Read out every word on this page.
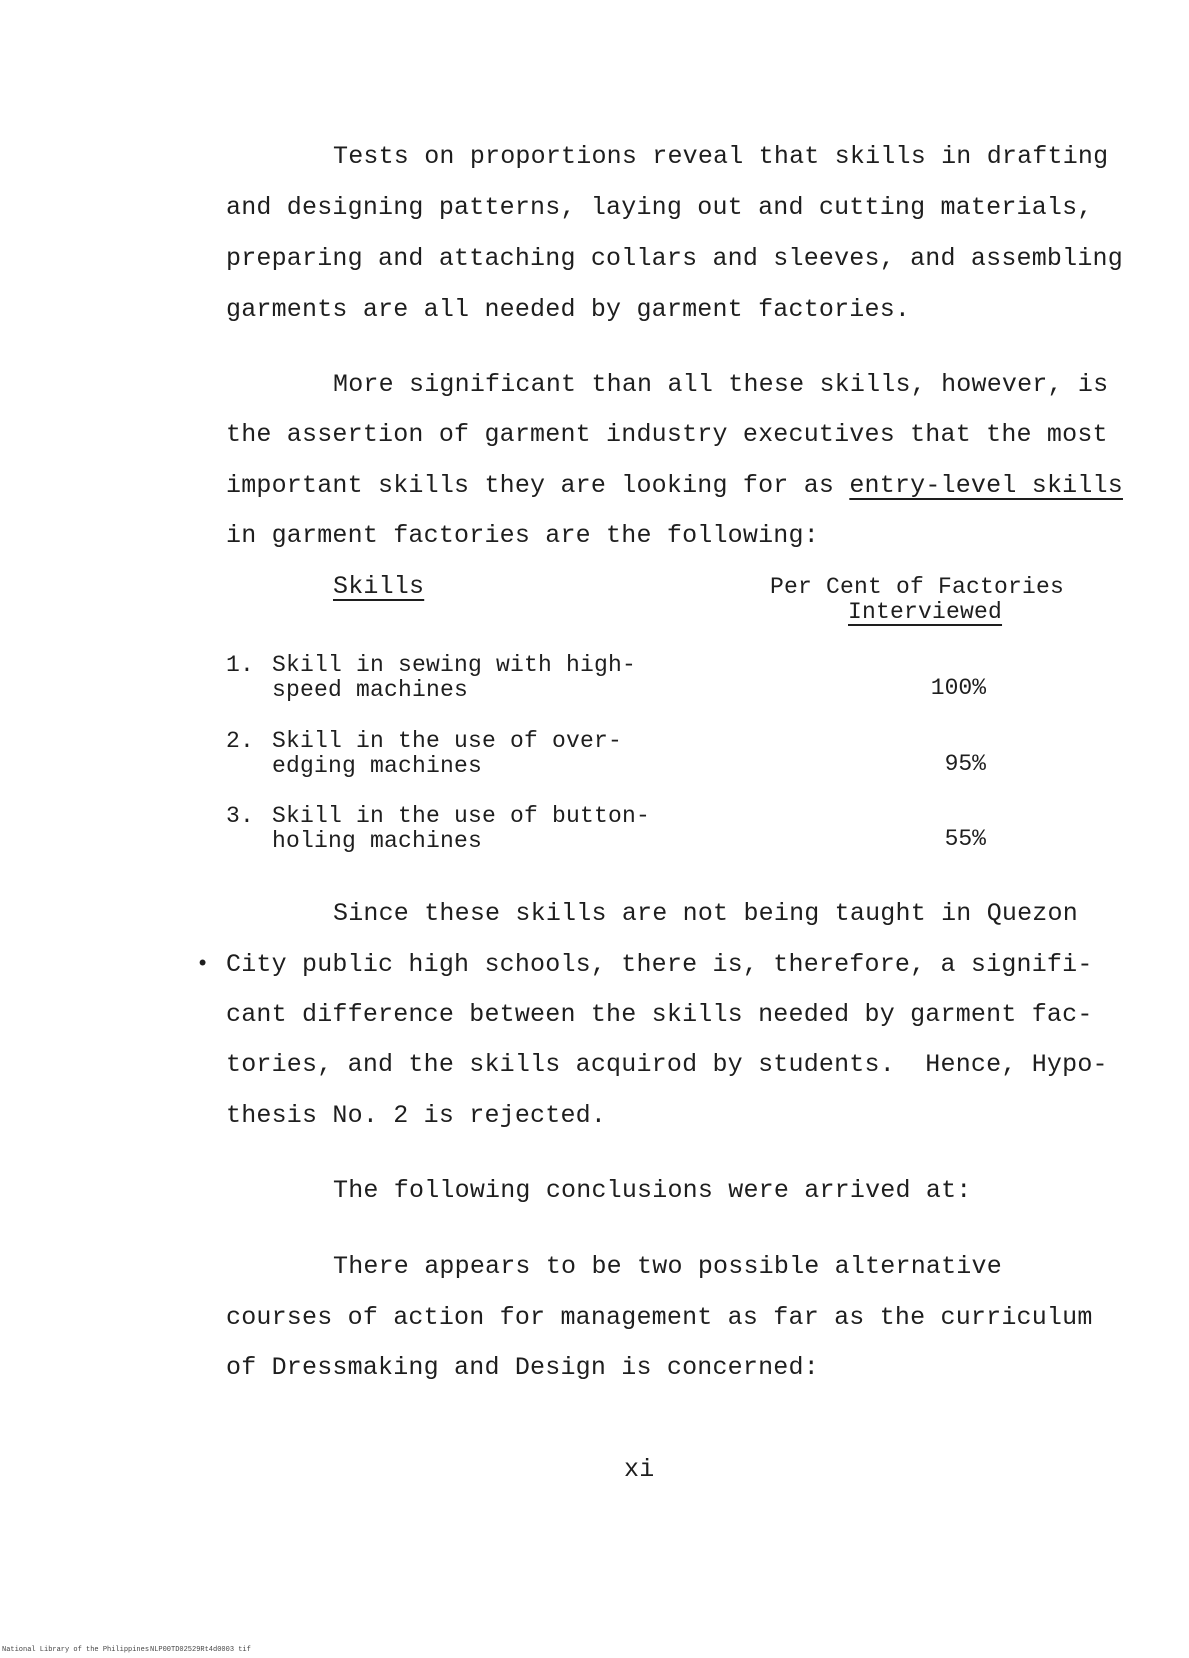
Tests on proportions reveal that skills in drafting
and designing patterns, laying out and cutting materials,
preparing and attaching collars and sleeves, and assembling
garments are all needed by garment factories.
More significant than all these skills, however, is
the assertion of garment industry executives that the most
important skills they are looking for as entry-level skills
in garment factories are the following:
Skills	Per Cent of Factories
Interviewed
1. Skill in sewing with high-
speed machines	100%
2. Skill in the use of over-
edging machines	95%
3. Skill in the use of button-
holing machines	55%
Since these skills are not being taught in Quezon
• City public high schools, there is, therefore, a signifi-
cant difference between the skills needed by garment fac-
tories, and the skills acquirod by students.  Hence, Hypo-
thesis No. 2 is rejected.
The following conclusions were arrived at:
There appears to be two possible alternative
courses of action for management as far as the curriculum
of Dressmaking and Design is concerned:
xi
National Library of the Philippines NLP00TD02529Rt4d0003 tif
